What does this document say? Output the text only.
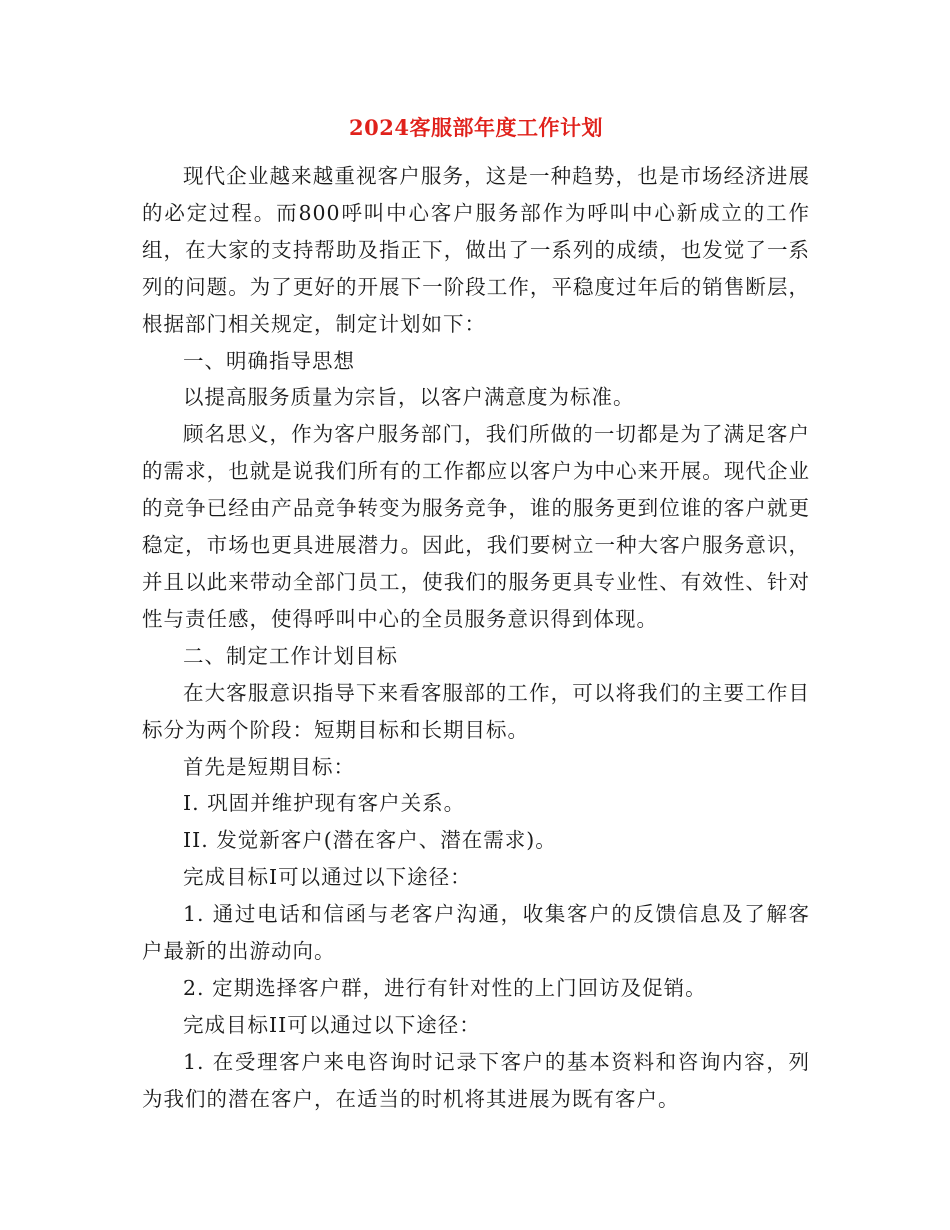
2024客服部年度工作计划

现代企业越来越重视客户服务，这是一种趋势，也是市场经济进展的必定过程。而800呼叫中心客户服务部作为呼叫中心新成立的工作组，在大家的支持帮助及指正下，做出了一系列的成绩，也发觉了一系列的问题。为了更好的开展下一阶段工作，平稳度过年后的销售断层，根据部门相关规定，制定计划如下：

一、明确指导思想

以提高服务质量为宗旨，以客户满意度为标准。

顾名思义，作为客户服务部门，我们所做的一切都是为了满足客户的需求，也就是说我们所有的工作都应以客户为中心来开展。现代企业的竞争已经由产品竞争转变为服务竞争，谁的服务更到位谁的客户就更稳定，市场也更具进展潜力。因此，我们要树立一种大客户服务意识，并且以此来带动全部门员工，使我们的服务更具专业性、有效性、针对性与责任感，使得呼叫中心的全员服务意识得到体现。

二、制定工作计划目标

在大客服意识指导下来看客服部的工作，可以将我们的主要工作目标分为两个阶段：短期目标和长期目标。

首先是短期目标：

I. 巩固并维护现有客户关系。

II. 发觉新客户(潜在客户、潜在需求)。

完成目标I可以通过以下途径：

1. 通过电话和信函与老客户沟通，收集客户的反馈信息及了解客户最新的出游动向。

2. 定期选择客户群，进行有针对性的上门回访及促销。

完成目标II可以通过以下途径：

1. 在受理客户来电咨询时记录下客户的基本资料和咨询内容，列为我们的潜在客户，在适当的时机将其进展为既有客户。
